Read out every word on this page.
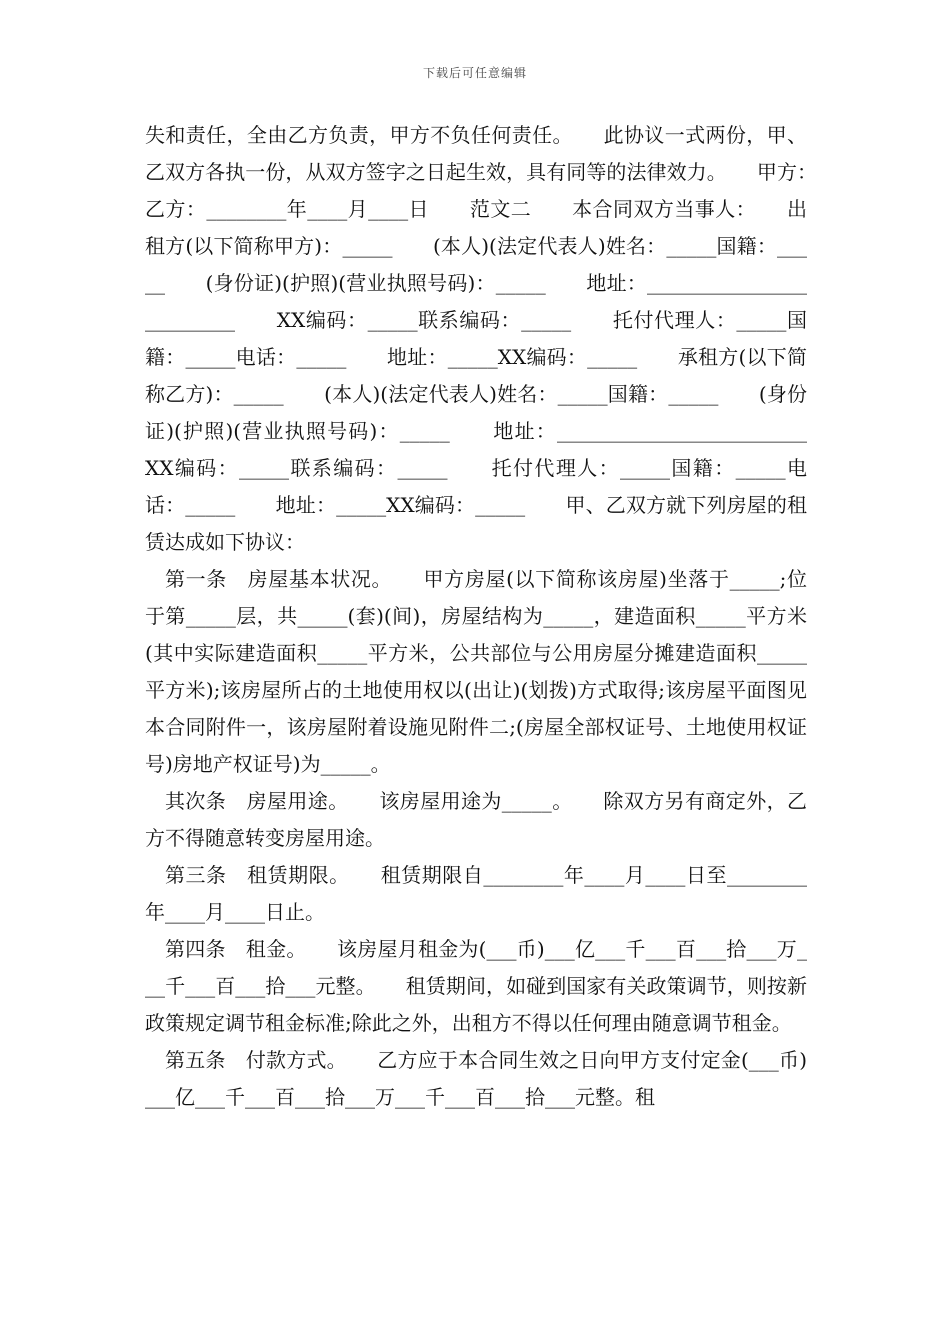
下载后可任意编辑

失和责任，全由乙方负责，甲方不负任何责任。　　此协议一式两份，甲、乙双方各执一份，从双方签字之日起生效，具有同等的法律效力。　　甲方：　乙方：________年____月____日　　范文二　　本合同双方当事人：　　出租方(以下简称甲方)：_____　　(本人)(法定代表人)姓名：_____国籍：_____　　(身份证)(护照)(营业执照号码)：_____　　地址：_________________________　　XX编码：_____联系编码：_____　　托付代理人：_____国籍：_____电话：_____　　地址：_____XX编码：_____　　承租方(以下简称乙方)：_____　　(本人)(法定代表人)姓名：_____国籍：_____　　(身份证)(护照)(营业执照号码)：_____　　地址：_________________________　　XX编码：_____联系编码：_____　　托付代理人：_____国籍：_____电话：_____　　地址：_____XX编码：_____　　甲、乙双方就下列房屋的租赁达成如下协议：

第一条　房屋基本状况。　　甲方房屋(以下简称该房屋)坐落于_____;位于第_____层，共_____(套)(间)，房屋结构为_____，建造面积_____平方米(其中实际建造面积_____平方米，公共部位与公用房屋分摊建造面积_____平方米);该房屋所占的土地使用权以(出让)(划拨)方式取得;该房屋平面图见本合同附件一，该房屋附着设施见附件二;(房屋全部权证号、土地使用权证号)房地产权证号)为_____。

其次条　房屋用途。　　该房屋用途为_____。　　除双方另有商定外，乙方不得随意转变房屋用途。

第三条　租赁期限。　　租赁期限自________年____月____日至________年____月____日止。

第四条　租金。　　该房屋月租金为(___币)___亿___千___百___拾___万___千___百___拾___元整。　　租赁期间，如碰到国家有关政策调节，则按新政策规定调节租金标准;除此之外，出租方不得以任何理由随意调节租金。

第五条　付款方式。　　乙方应于本合同生效之日向甲方支付定金(___币)___亿___千___百___拾___万___千___百___拾___元整。租
